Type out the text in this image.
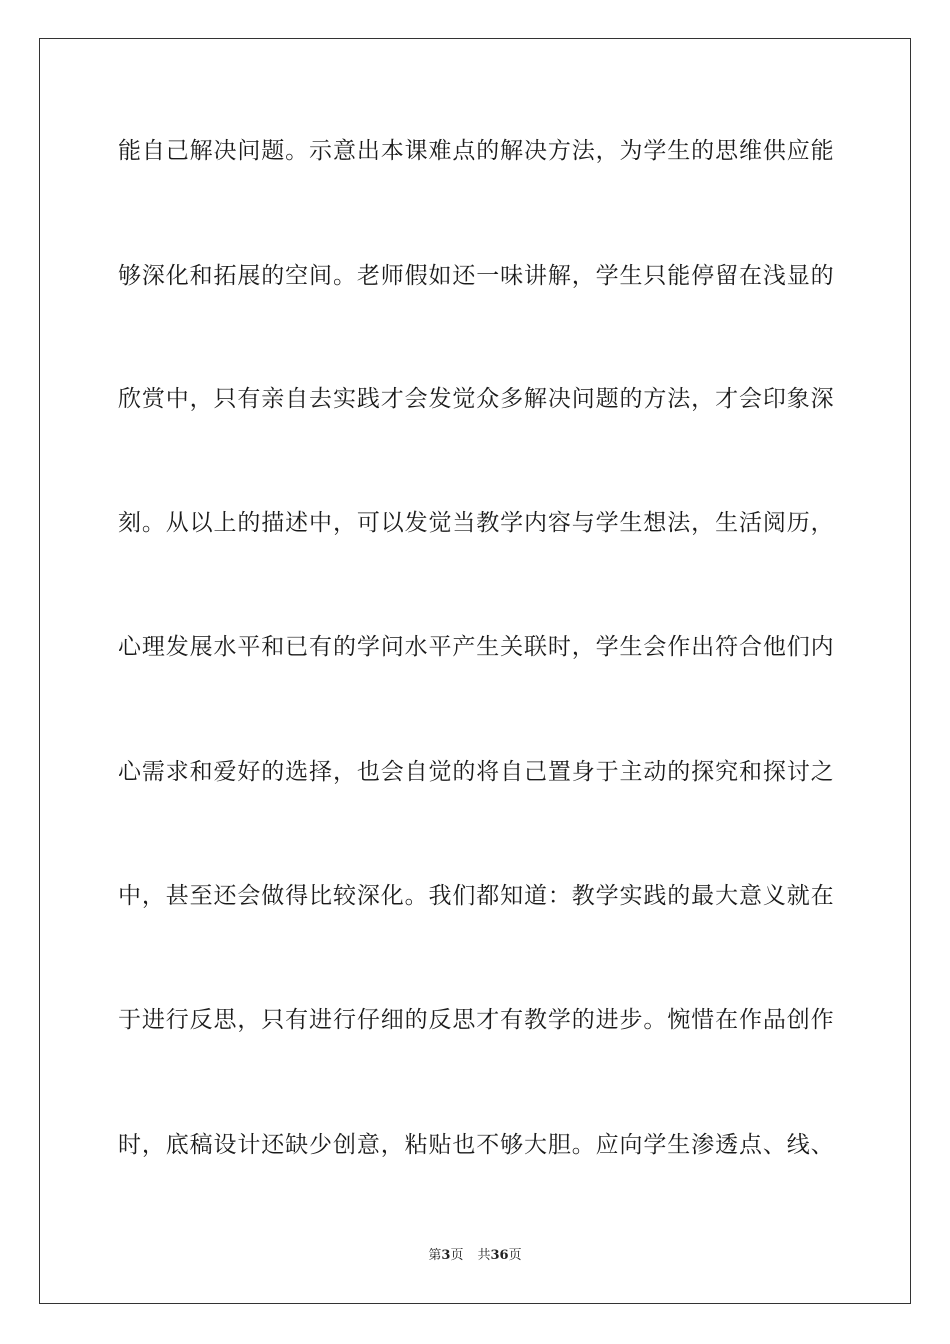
能自己解决问题。示意出本课难点的解决方法，为学生的思维供应能
够深化和拓展的空间。老师假如还一味讲解，学生只能停留在浅显的
欣赏中，只有亲自去实践才会发觉众多解决问题的方法，才会印象深
刻。从以上的描述中，可以发觉当教学内容与学生想法，生活阅历，
心理发展水平和已有的学问水平产生关联时，学生会作出符合他们内
心需求和爱好的选择，也会自觉的将自己置身于主动的探究和探讨之
中，甚至还会做得比较深化。我们都知道：教学实践的最大意义就在
于进行反思，只有进行仔细的反思才有教学的进步。惋惜在作品创作
时，底稿设计还缺少创意，粘贴也不够大胆。应向学生渗透点、线、
第3页 共36页
